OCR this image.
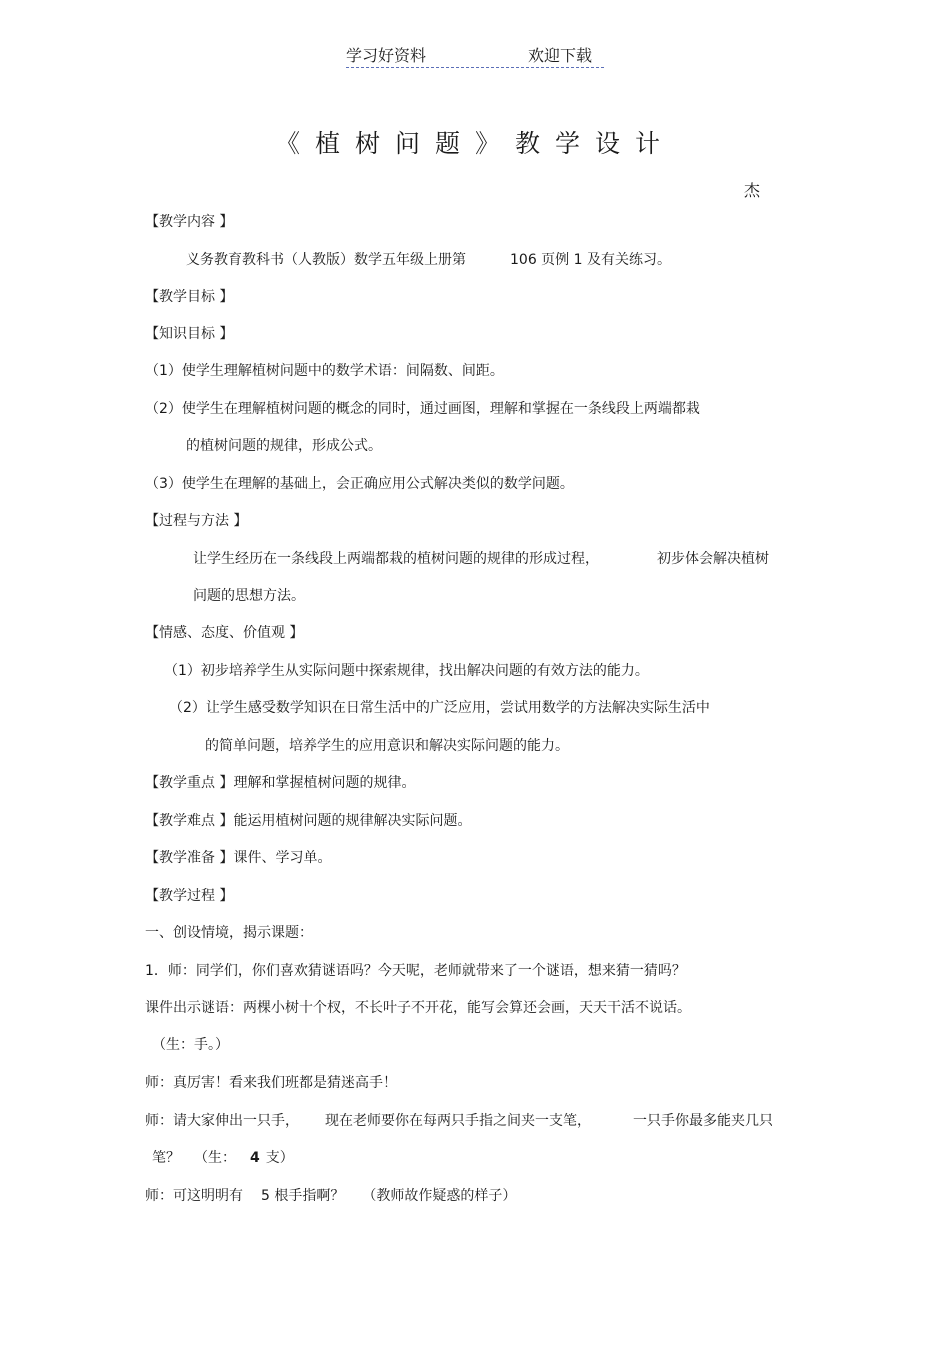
学习好资料	欢迎下载
《植树问题》教学设计
杰
【教学内容 】
义务教育教科书（人教版）数学五年级上册第	106 页例 1 及有关练习。
【教学目标 】
【知识目标 】
（1）使学生理解植树问题中的数学术语：间隔数、间距。
（2）使学生在理解植树问题的概念的同时，通过画图，理解和掌握在一条线段上两端都栽
的植树问题的规律，形成公式。
（3）使学生在理解的基础上，会正确应用公式解决类似的数学问题。
【过程与方法 】
让学生经历在一条线段上两端都栽的植树问题的规律的形成过程，	初步体会解决植树
问题的思想方法。
【情感、态度、价值观 】
（1）初步培养学生从实际问题中探索规律，找出解决问题的有效方法的能力。
（2）让学生感受数学知识在日常生活中的广泛应用，尝试用数学的方法解决实际生活中
的简单问题，培养学生的应用意识和解决实际问题的能力。
【教学重点 】理解和掌握植树问题的规律。
【教学难点 】能运用植树问题的规律解决实际问题。
【教学准备 】课件、学习单。
【教学过程 】
一、创设情境，揭示课题：
1．师：同学们，你们喜欢猜谜语吗？今天呢，老师就带来了一个谜语，想来猜一猜吗？
课件出示谜语：两棵小树十个杈，不长叶子不开花，能写会算还会画，天天干活不说话。
（生：手。）
师：真厉害！看来我们班都是猜迷高手！
师：请大家伸出一只手， 现在老师要你在每两只手指之间夹一支笔，	一只手你最多能夹几只
笔？ （生： 4 支）
师：可这明明有 5 根手指啊？ （教师故作疑惑的样子）
